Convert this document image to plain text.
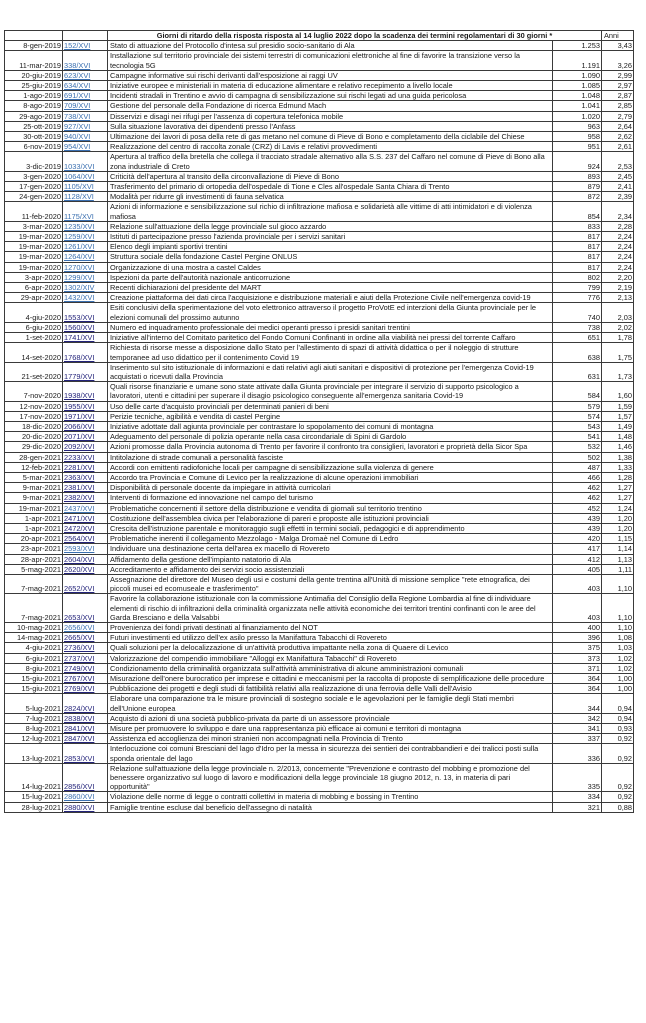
		Giorni di ritardo della risposta risposta al 14 luglio 2022 dopo la scadenza dei termini regolamentari di 30 giorni *		Anni
8-gen-2019	152/XVI	Stato di attuazione del Protocollo d'intesa sul presidio socio-sanitario di Ala	1.253	3,43
11-mar-2019	338/XVI	Installazione sul territorio provinciale dei sistemi terrestri di comunicazioni elettroniche al fine di favorire la transizione verso la tecnologia 5G	1.191	3,26
20-giu-2019	623/XVI	Campagne informative sui rischi derivanti dall'esposizione ai raggi UV	1.090	2,99
25-giu-2019	634/XVI	Iniziative europee e ministeriali in materia di educazione alimentare e relativo recepimento a livello locale	1.085	2,97
1-ago-2019	691/XVI	Incidenti stradali in Trentino e avvio di campagna di sensibilizzazione sui rischi legati ad una guida pericolosa	1.048	2,87
8-ago-2019	709/XVI	Gestione del personale della Fondazione di ricerca Edmund Mach	1.041	2,85
29-ago-2019	738/XVI	Disservizi e disagi nei rifugi per l'assenza di copertura telefonica mobile	1.020	2,79
25-ott-2019	927/XVI	Sulla situazione lavorativa dei dipendenti presso l'Anfass	963	2,64
30-ott-2019	940/XVI	Ultimazione dei lavori di posa della rete di gas metano nel comune di Pieve di Bono e completamento della ciclabile del Chiese	958	2,62
6-nov-2019	954/XVI	Realizzazione del centro di raccolta zonale (CRZ) di Lavis e relativi provvedimenti	951	2,61
3-dic-2019	1033/XVI	Apertura al traffico della bretella che collega il tracciato stradale alternativo alla S.S. 237 del Caffaro nel comune di Pieve di Bono alla zona industriale di Creto	924	2,53
3-gen-2020	1064/XVI	Criticità dell'apertura al transito della circonvallazione di Pieve di Bono	893	2,45
17-gen-2020	1105/XVI	Trasferimento del primario di ortopedia dell'ospedale di Tione e Cles all'ospedale Santa Chiara di Trento	879	2,41
24-gen-2020	1128/XVI	Modalità per ridurre gli investimenti di fauna selvatica	872	2,39
11-feb-2020	1175/XVI	Azioni di informazione e sensibilizzazione sul richio di infiltrazione mafiosa e solidarietà alle vittime di atti intimidatori e di violenza mafiosa	854	2,34
3-mar-2020	1235/XVI	Relazione sull'attuazione della legge provinciale sul gioco azzardo	833	2,28
19-mar-2020	1259/XVI	Istituti di partecipazione presso l'azienda provinciale per i servizi sanitari	817	2,24
19-mar-2020	1261/XVI	Elenco degli impianti sportivi trentini	817	2,24
19-mar-2020	1264/XVI	Struttura sociale della fondazione Castel Pergine ONLUS	817	2,24
19-mar-2020	1270/XVI	Organizzazione di una mostra a castel Caldes	817	2,24
3-apr-2020	1299/XVI	Ispezioni da parte dell'autorità nazionale anticorruzione	802	2,20
6-apr-2020	1302/XIV	Recenti dichiarazioni del presidente del MART	799	2,19
29-apr-2020	1432/XVI	Creazione piattaforma dei dati circa l'acquisizione e distribuzione materiali e aiuti della Protezione Civile nell'emergenza covid-19	776	2,13
4-giu-2020	1553/XVI	Esiti conclusivi della sperimentazione del voto elettronico attraverso il progetto ProVotE ed interzioni della Giunta provinciale per le elezioni comunali del prossimo autunno	740	2,03
6-giu-2020	1560/XVI	Numero ed inquadramento professionale dei medici operanti presso i presidi sanitari trentini	738	2,02
1-set-2020	1741/XVI	Iniziative all'interno del Comitato paritetico del Fondo Comuni Confinanti in ordine alla viabilità nei pressi del torrente Caffaro	651	1,78
14-set-2020	1768/XVI	Richiesta di risorse messe a disposizione dallo Stato per l'allestimento di spazi di attività didattica o per il noleggio di strutture temporanee ad uso didattico per il contenimento Covid 19	638	1,75
21-set-2020	1779/XVI	Inserimento sul sito istituzionale di informazioni e dati relativi agli aiuti sanitari e dispositivi di protezione per l'emergenza Covid-19 acquistati o ricevuti dalla Provincia	631	1,73
7-nov-2020	1938/XVI	Quali risorse finanziarie e umane sono state attivate dalla Giunta provinciale per integrare il servizio di supporto psicologico a lavoratori, utenti e cittadini per superare il disagio psicologico conseguente all'emergenza sanitaria Covid-19	584	1,60
12-nov-2020	1955/XVI	Uso delle carte d'acquisto provinciali per determinati panieri di beni	579	1,59
17-nov-2020	1971/XVI	Perizie tecniche, agibilità e vendita di castel Pergine	574	1,57
18-dic-2020	2066/XVI	Iniziative adottate dall agiunta provinciale per contrastare lo spopolamento dei comuni di montagna	543	1,49
20-dic-2020	2071/XVI	Adeguamento del personale di polizia operante nella casa circondariale di Spini di Gardolo	541	1,48
29-dic-2020	2092/XVI	Azioni promosse dalla Provincia autonoma di Trento per favorire il confronto tra consiglieri, lavoratori e proprietà della Sicor Spa	532	1,46
28-gen-2021	2233/XVI	Intitolazione di strade comunali a personalità fasciste	502	1,38
12-feb-2021	2281/XVI	Accordi con emittenti radiofoniche locali per campagne di sensibilizzazione sulla violenza di genere	487	1,33
5-mar-2021	2363/XVI	Accordo tra Provincia e Comune di Levico per la realizzazione di alcune operazioni immobiliari	466	1,28
9-mar-2021	2381/XVI	Disponibilità di personale docente da impiegare in attività curricolari	462	1,27
9-mar-2021	2382/XVI	Interventi di formazione ed innovazione nel campo del turismo	462	1,27
19-mar-2021	2437/XVI	Problematiche concernenti il settore della distribuzione e vendita di giornali sul territorio trentino	452	1,24
1-apr-2021	2471/XVI	Costituzione dell'assemblea civica per l'elaborazione di pareri e proposte alle istituzioni provinciali	439	1,20
1-apr-2021	2472/XVI	Crescita dell'istruzione parentale e monitoraggio sugli effetti in termini sociali, pedagogici e di apprendimento	439	1,20
20-apr-2021	2564/XVI	Problematiche inerenti il collegamento Mezzolago - Malga Dromaè nel Comune di Ledro	420	1,15
23-apr-2021	2593/XVI	Individuare una destinazione certa dell'area ex macello di Rovereto	417	1,14
28-apr-2021	2604/XVI	Affidamento della gestione dell'impianto natatorio di Ala	412	1,13
5-mag-2021	2620/XVI	Accreditamento e affidamento dei servizi socio assistenziali	405	1,11
7-mag-2021	2652/XVI	Assegnazione del direttore del Museo degli usi e costumi della gente trentina all'Unità di missione semplice "rete etnografica, dei piccoli musei ed ecomuseale e trasferimento"	403	1,10
7-mag-2021	2653/XVI	Favorire la collaborazione istituzionale con la commissione Antimafia del Consiglio della Regione Lombardia al fine di individuare elementi di rischio di infiltrazioni della criminalità organizzata nelle attività economiche dei territori trentini confinanti con le aree del Garda Bresciano e della Valsabbi	403	1,10
10-mag-2021	2656/XVI	Provenienza dei fondi privati destinati al finanziamento del NOT	400	1,10
14-mag-2021	2665/XVI	Futuri investimenti ed utilizzo dell'ex asilo presso la Manifattura Tabacchi di Rovereto	396	1,08
4-giu-2021	2736/XVI	Quali soluzioni per la delocalizzazione di un'attività produttiva impattante nella zona di Quaere di Levico	375	1,03
6-giu-2021	2737/XVI	Valorizzazione del compendio immobiliare "Alloggi ex Manifattura Tabacchi" di Rovereto	373	1,02
8-giu-2021	2749/XVI	Condizionamento della criminalità organizzata sull'attività amministrativa di alcune amministrazioni comunali	371	1,02
15-giu-2021	2767/XVI	Misurazione dell'onere burocratico per imprese e cittadini e meccanismi per la raccolta di proposte di semplificazione delle procedure	364	1,00
15-giu-2021	2769/XVI	Pubblicazione dei progetti e degli studi di fattibilità relativi alla realizzazione di una ferrovia delle Valli dell'Avisio	364	1,00
5-lug-2021	2824/XVI	Elaborare una comparazione tra le misure provinciali di sostegno sociale e le agevolazioni per le famiglie degli Stati membri dell'Unione europea	344	0,94
7-lug-2021	2838/XVI	Acquisto di azioni di una società pubblico-privata da parte di un assessore provinciale	342	0,94
8-lug-2021	2841/XVI	Misure per promuovere lo sviluppo e dare una rappresentanza più efficace ai comuni e territori di montagna	341	0,93
12-lug-2021	2847/XVI	Assistenza ed accoglienza dei minori stranieri non accompagnati nella Provincia di Trento	337	0,92
13-lug-2021	2853/XVI	Interlocuzione coi comuni Bresciani del lago d'Idro per la messa in sicurezza dei sentieri dei contrabbandieri e dei tralicci posti sulla sponda orientale del lago	336	0,92
14-lug-2021	2856/XVI	Relazione sull'attuazione della legge provinciale n. 2/2013, concernente "Prevenzione e contrasto del mobbing e promozione del benessere organizzativo sul luogo di lavoro e modificazioni della legge provinciale 18 giugno 2012, n. 13, in materia di pari opportunità"	335	0,92
15-lug-2021	2860/XVI	Violazione delle norme di legge o contratti collettivi in materia di mobbing e bossing in Trentino	334	0,92
28-lug-2021	2880/XVI	Famiglie trentine escluse dal beneficio dell'assegno di natalità	321	0,88
